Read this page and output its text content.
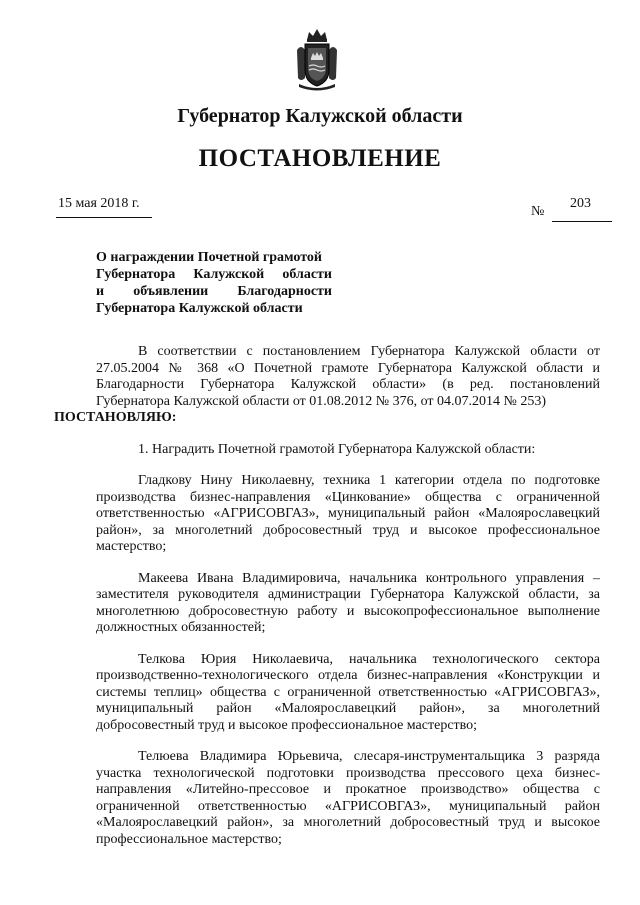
Губернатор Калужской области
ПОСТАНОВЛЕНИЕ
15 мая 2018 г.	203
№
О награждении Почетной грамотой
Губернатора Калужской области
и объявлении Благодарности
Губернатора Калужской области

В соответствии с постановлением Губернатора Калужской области от 27.05.2004 № 368 «О Почетной грамоте Губернатора Калужской области и Благодарности Губернатора Калужской области» (в ред. постановлений Губернатора Калужской области от 01.08.2012 № 376, от 04.07.2014 № 253)
ПОСТАНОВЛЯЮ:

1. Наградить Почетной грамотой Губернатора Калужской области:

Гладкову Нину Николаевну, техника 1 категории отдела по подготовке производства бизнес-направления «Цинкование» общества с ограниченной ответственностью «АГРИСОВГАЗ», муниципальный район «Малоярославецкий район», за многолетний добросовестный труд и высокое профессиональное мастерство;

Макеева Ивана Владимировича, начальника контрольного управления – заместителя руководителя администрации Губернатора Калужской области, за многолетнюю добросовестную работу и высокопрофессиональное выполнение должностных обязанностей;

Телкова Юрия Николаевича, начальника технологического сектора производственно-технологического отдела бизнес-направления «Конструкции и системы теплиц» общества с ограниченной ответственностью «АГРИСОВГАЗ», муниципальный район «Малоярославецкий район», за многолетний добросовестный труд и высокое профессиональное мастерство;

Телюева Владимира Юрьевича, слесаря-инструментальщика 3 разряда участка технологической подготовки производства прессового цеха бизнес-направления «Литейно-прессовое и прокатное производство» общества с ограниченной ответственностью «АГРИСОВГАЗ», муниципальный район «Малоярославецкий район», за многолетний добросовестный труд и высокое профессиональное мастерство;
